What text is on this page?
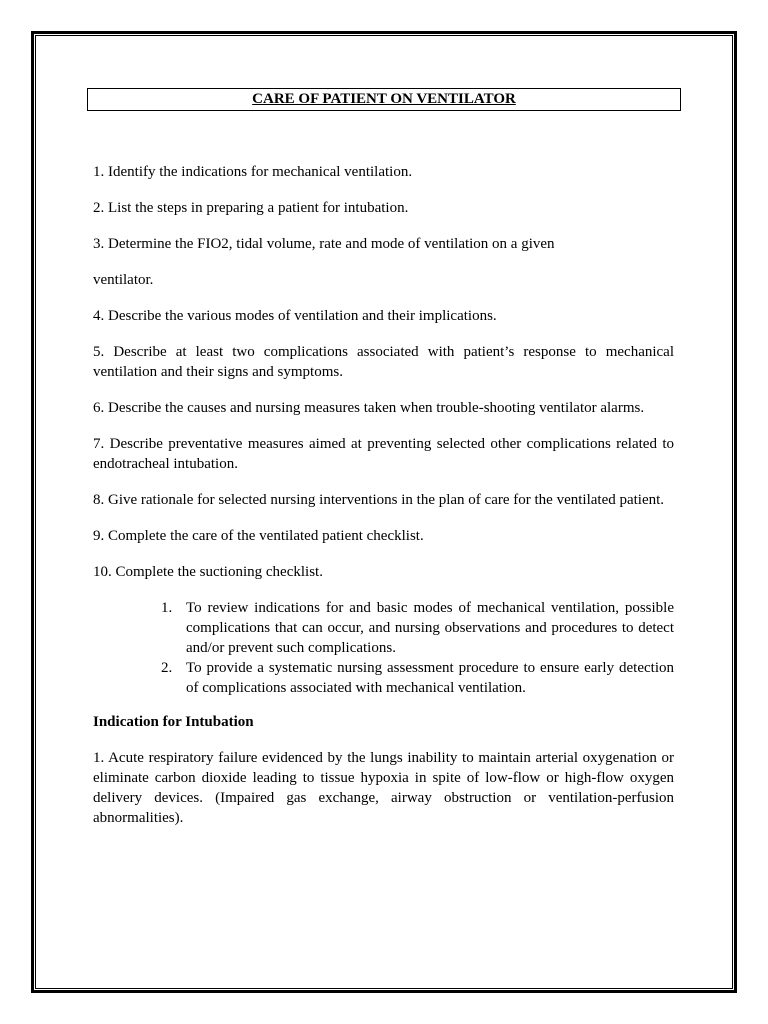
CARE OF PATIENT ON VENTILATOR

1. Identify the indications for mechanical ventilation.

2. List the steps in preparing a patient for intubation.

3. Determine the FIO2, tidal volume, rate and mode of ventilation on a given

ventilator.

4. Describe the various modes of ventilation and their implications.

5. Describe at least two complications associated with patient’s response to mechanical ventilation and their signs and symptoms.

6. Describe the causes and nursing measures taken when trouble-shooting ventilator alarms.

7. Describe preventative measures aimed at preventing selected other complications related to endotracheal intubation.

8. Give rationale for selected nursing interventions in the plan of care for the ventilated patient.

9. Complete the care of the ventilated patient checklist.

10. Complete the suctioning checklist.

1. To review indications for and basic modes of mechanical ventilation, possible complications that can occur, and nursing observations and procedures to detect and/or prevent such complications.
2. To provide a systematic nursing assessment procedure to ensure early detection of complications associated with mechanical ventilation.

Indication for Intubation

1. Acute respiratory failure evidenced by the lungs inability to maintain arterial oxygenation or eliminate carbon dioxide leading to tissue hypoxia in spite of low-flow or high-flow oxygen delivery devices. (Impaired gas exchange, airway obstruction or ventilation-perfusion abnormalities).
